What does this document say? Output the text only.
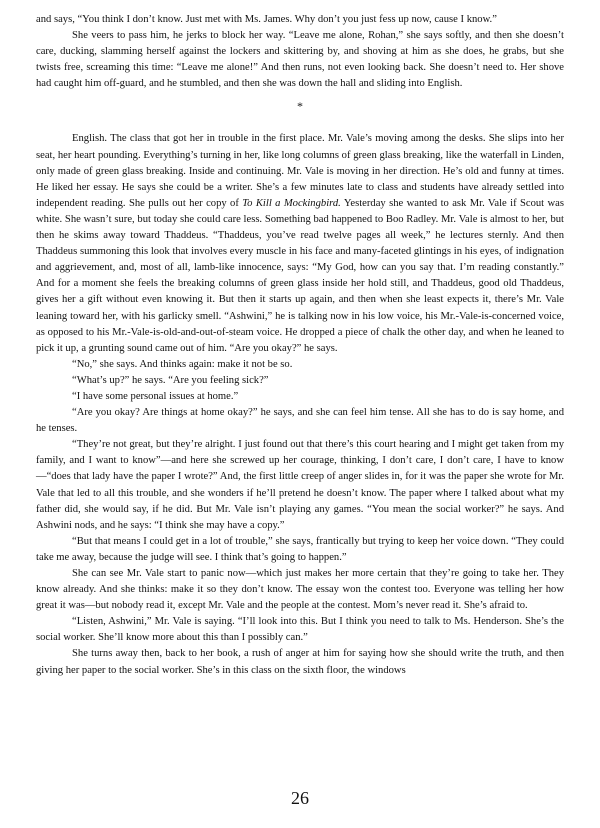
and says, “You think I don’t know. Just met with Ms. James. Why don’t you just fess up now, cause I know.”

She veers to pass him, he jerks to block her way. “Leave me alone, Rohan,” she says softly, and then she doesn’t care, ducking, slamming herself against the lockers and skittering by, and shoving at him as she does, he grabs, but she twists free, screaming this time: “Leave me alone!” And then runs, not even looking back. She doesn’t need to. Her shove had caught him off-guard, and he stumbled, and then she was down the hall and sliding into English.

*

English. The class that got her in trouble in the first place. Mr. Vale’s moving among the desks. She slips into her seat, her heart pounding. Everything’s turning in her, like long columns of green glass breaking, like the waterfall in Linden, only made of green glass breaking. Inside and continuing. Mr. Vale is moving in her direction. He’s old and funny at times. He liked her essay. He says she could be a writer. She’s a few minutes late to class and students have already settled into independent reading. She pulls out her copy of To Kill a Mockingbird. Yesterday she wanted to ask Mr. Vale if Scout was white. She wasn’t sure, but today she could care less. Something bad happened to Boo Radley. Mr. Vale is almost to her, but then he skims away toward Thaddeus. “Thaddeus, you’ve read twelve pages all week,” he lectures sternly. And then Thaddeus summoning this look that involves every muscle in his face and many-faceted glintings in his eyes, of indignation and aggrievement, and, most of all, lamb-like innocence, says: “My God, how can you say that. I’m reading constantly.” And for a moment she feels the breaking columns of green glass inside her hold still, and Thaddeus, good old Thaddeus, gives her a gift without even knowing it. But then it starts up again, and then when she least expects it, there’s Mr. Vale leaning toward her, with his garlicky smell. “Ashwini,” he is talking now in his low voice, his Mr.-Vale-is-concerned voice, as opposed to his Mr.-Vale-is-old-and-out-of-steam voice. He dropped a piece of chalk the other day, and when he leaned to pick it up, a grunting sound came out of him. “Are you okay?” he says.

“No,” she says. And thinks again: make it not be so.

“What’s up?” he says. “Are you feeling sick?”

“I have some personal issues at home.”

“Are you okay? Are things at home okay?” he says, and she can feel him tense. All she has to do is say home, and he tenses.

“They’re not great, but they’re alright. I just found out that there’s this court hearing and I might get taken from my family, and I want to know”—and here she screwed up her courage, thinking, I don’t care, I don’t care, I have to know—“does that lady have the paper I wrote?” And, the first little creep of anger slides in, for it was the paper she wrote for Mr. Vale that led to all this trouble, and she wonders if he’ll pretend he doesn’t know. The paper where I talked about what my father did, she would say, if he did. But Mr. Vale isn’t playing any games. “You mean the social worker?” he says. And Ashwini nods, and he says: “I think she may have a copy.”

“But that means I could get in a lot of trouble,” she says, frantically but trying to keep her voice down. “They could take me away, because the judge will see. I think that’s going to happen.”

She can see Mr. Vale start to panic now—which just makes her more certain that they’re going to take her. They know already. And she thinks: make it so they don’t know. The essay won the contest too. Everyone was telling her how great it was—but nobody read it, except Mr. Vale and the people at the contest. Mom’s never read it. She’s afraid to.

“Listen, Ashwini,” Mr. Vale is saying. “I’ll look into this. But I think you need to talk to Ms. Henderson. She’s the social worker. She’ll know more about this than I possibly can.”

She turns away then, back to her book, a rush of anger at him for saying how she should write the truth, and then giving her paper to the social worker. She’s in this class on the sixth floor, the windows

26
